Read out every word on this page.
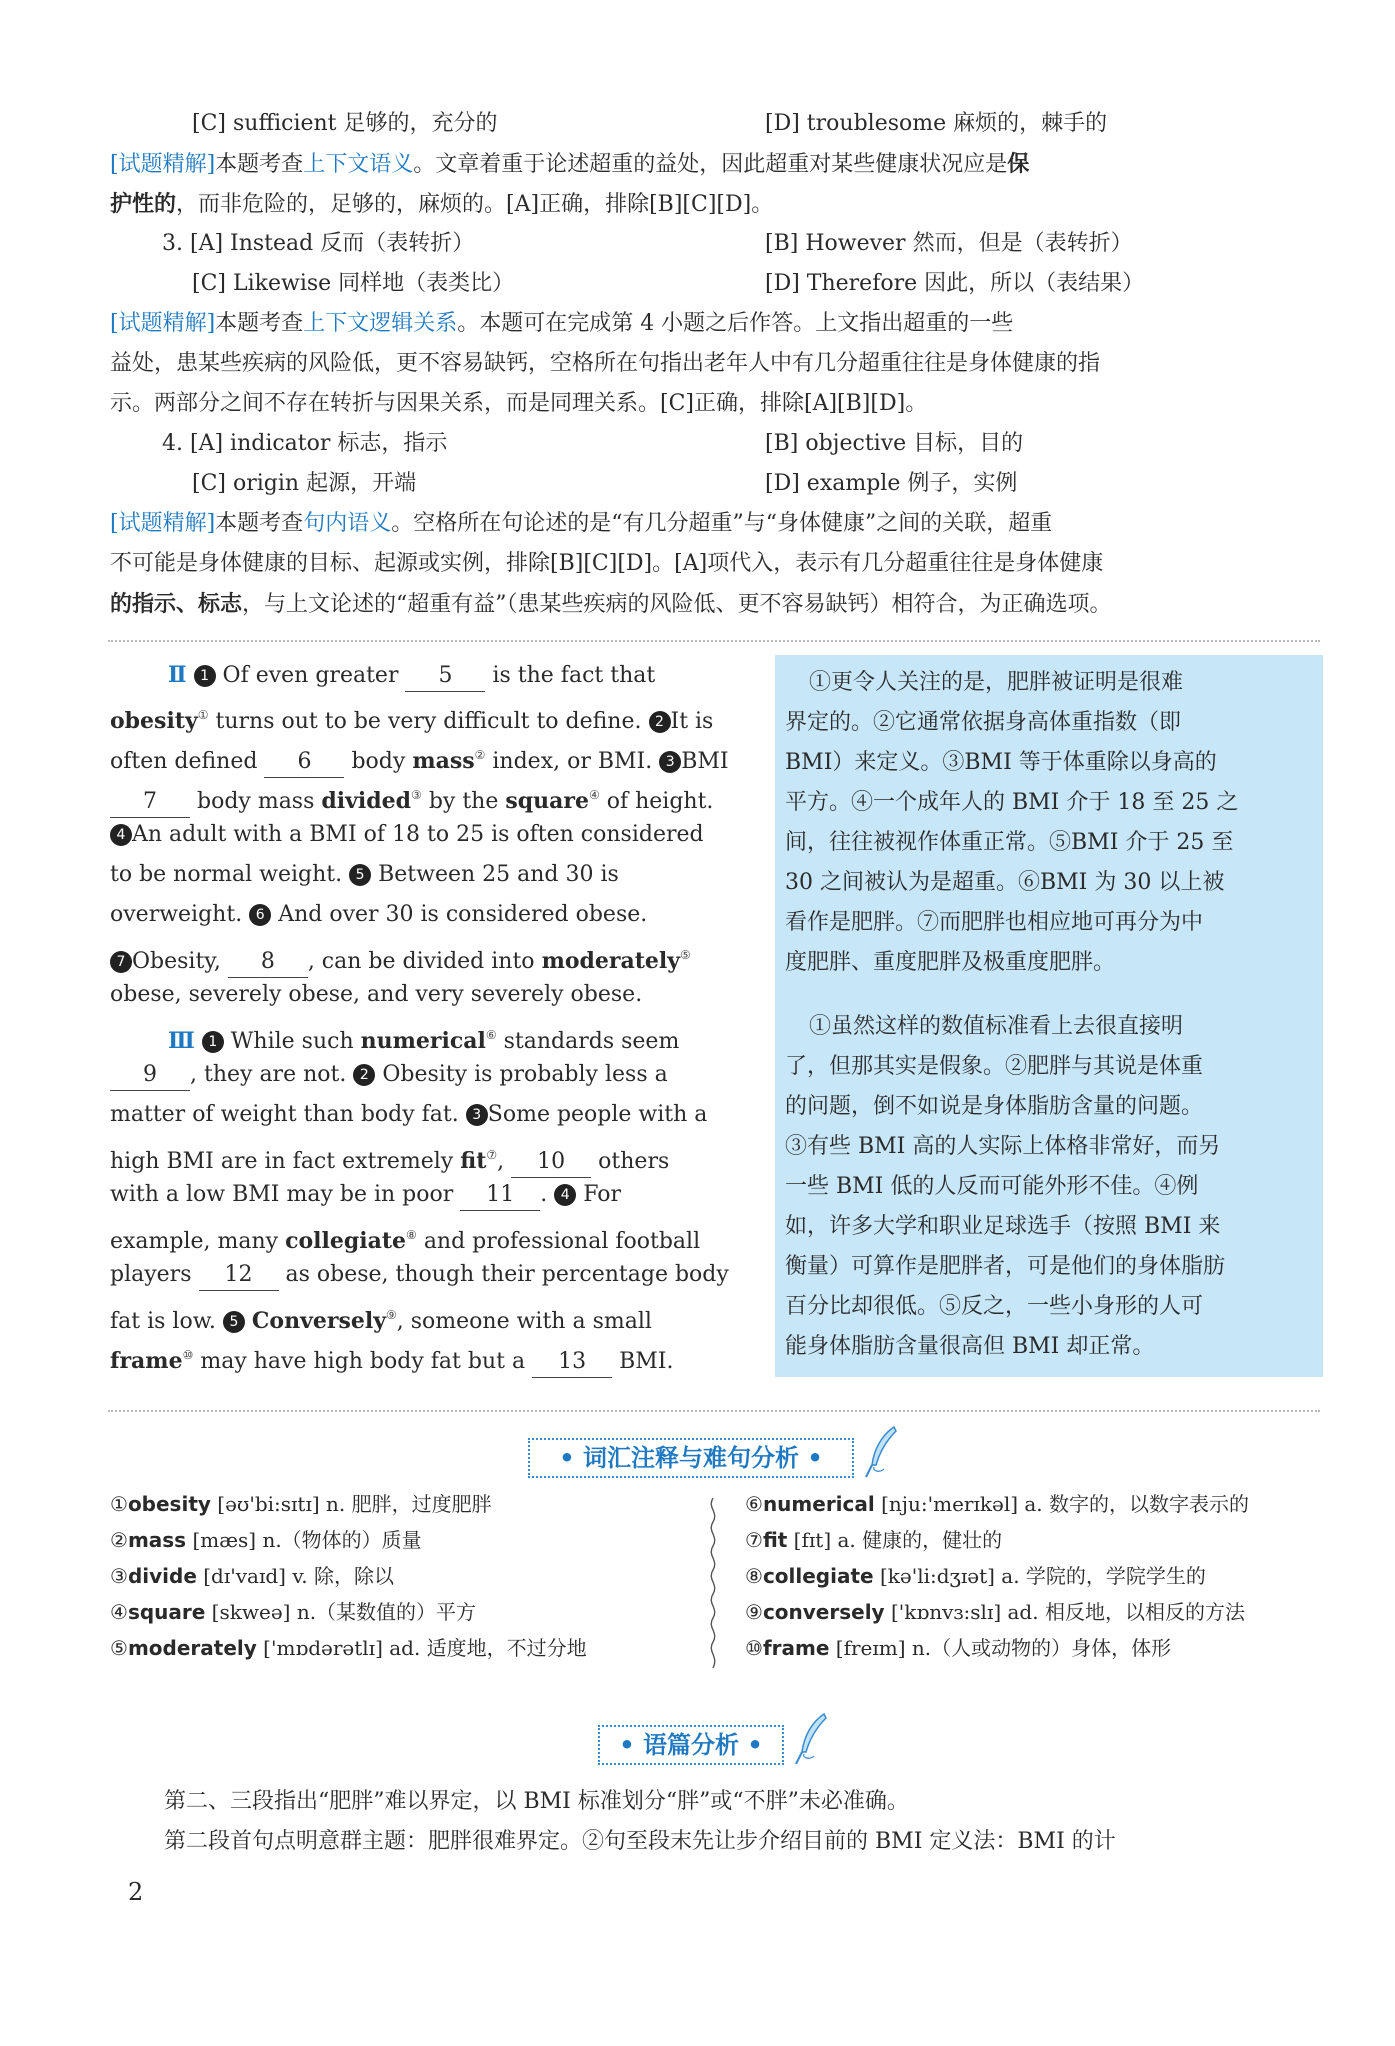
[C] sufficient 足够的，充分的	[D] troublesome 麻烦的，棘手的
[试题精解]本题考查上下文语义。文章着重于论述超重的益处，因此超重对某些健康状况应是保
护性的，而非危险的，足够的，麻烦的。[A]正确，排除[B][C][D]。
3. [A] Instead 反而（表转折）	[B] However 然而，但是（表转折）
[C] Likewise 同样地（表类比）	[D] Therefore 因此，所以（表结果）
[试题精解]本题考查上下文逻辑关系。本题可在完成第 4 小题之后作答。上文指出超重的一些
益处，患某些疾病的风险低，更不容易缺钙，空格所在句指出老年人中有几分超重往往是身体健康的指
示。两部分之间不存在转折与因果关系，而是同理关系。[C]正确，排除[A][B][D]。
4. [A] indicator 标志，指示	[B] objective 目标，目的
[C] origin 起源，开端	[D] example 例子，实例
[试题精解]本题考查句内语义。空格所在句论述的是“有几分超重”与“身体健康”之间的关联，超重
不可能是身体健康的目标、起源或实例，排除[B][C][D]。[A]项代入，表示有几分超重往往是身体健康
的指示、标志，与上文论述的“超重有益”（患某些疾病的风险低、更不容易缺钙）相符合，为正确选项。
Ⅱ 1 Of even greater 5 is the fact that
obesity① turns out to be very difficult to define. 2 It is
often defined 6 body mass② index, or BMI. 3 BMI
7 body mass divided③ by the square④ of height.
4 An adult with a BMI of 18 to 25 is often considered
to be normal weight. 5 Between 25 and 30 is
overweight. 6 And over 30 is considered obese.
7 Obesity, 8 , can be divided into moderately⑤
obese, severely obese, and very severely obese.
Ⅲ 1 While such numerical⑥ standards seem
9 , they are not. 2 Obesity is probably less a
matter of weight than body fat. 3 Some people with a
high BMI are in fact extremely fit⑦, 10 others
with a low BMI may be in poor 11 . 4 For
example, many collegiate⑧ and professional football
players 12 as obese, though their percentage body
fat is low. 5 Conversely⑨, someone with a small
frame⑩ may have high body fat but a 13 BMI.
①更令人关注的是，肥胖被证明是很难
界定的。②它通常依据身高体重指数（即
BMI）来定义。③BMI 等于体重除以身高的
平方。④一个成年人的 BMI 介于 18 至 25 之
间，往往被视作体重正常。⑤BMI 介于 25 至
30 之间被认为是超重。⑥BMI 为 30 以上被
看作是肥胖。⑦而肥胖也相应地可再分为中
度肥胖、重度肥胖及极重度肥胖。
①虽然这样的数值标准看上去很直接明
了，但那其实是假象。②肥胖与其说是体重
的问题，倒不如说是身体脂肪含量的问题。
③有些 BMI 高的人实际上体格非常好，而另
一些 BMI 低的人反而可能外形不佳。④例
如，许多大学和职业足球选手（按照 BMI 来
衡量）可算作是肥胖者，可是他们的身体脂肪
百分比却很低。⑤反之，一些小身形的人可
能身体脂肪含量很高但 BMI 却正常。
• 词汇注释与难句分析 •
①obesity [əʊ'bi:sɪtɪ] n. 肥胖，过度肥胖
②mass [mæs] n.（物体的）质量
③divide [dɪ'vaɪd] v. 除，除以
④square [skweə] n.（某数值的）平方
⑤moderately ['mɒdərətlɪ] ad. 适度地，不过分地
⑥numerical [nju:'merɪkəl] a. 数字的，以数字表示的
⑦fit [fɪt] a. 健康的，健壮的
⑧collegiate [kə'li:dʒɪət] a. 学院的，学院学生的
⑨conversely ['kɒnvɜ:slɪ] ad. 相反地，以相反的方法
⑩frame [freɪm] n.（人或动物的）身体，体形
• 语篇分析 •
第二、三段指出“肥胖”难以界定，以 BMI 标准划分“胖”或“不胖”未必准确。
第二段首句点明意群主题：肥胖很难界定。②句至段末先让步介绍目前的 BMI 定义法：BMI 的计
2
